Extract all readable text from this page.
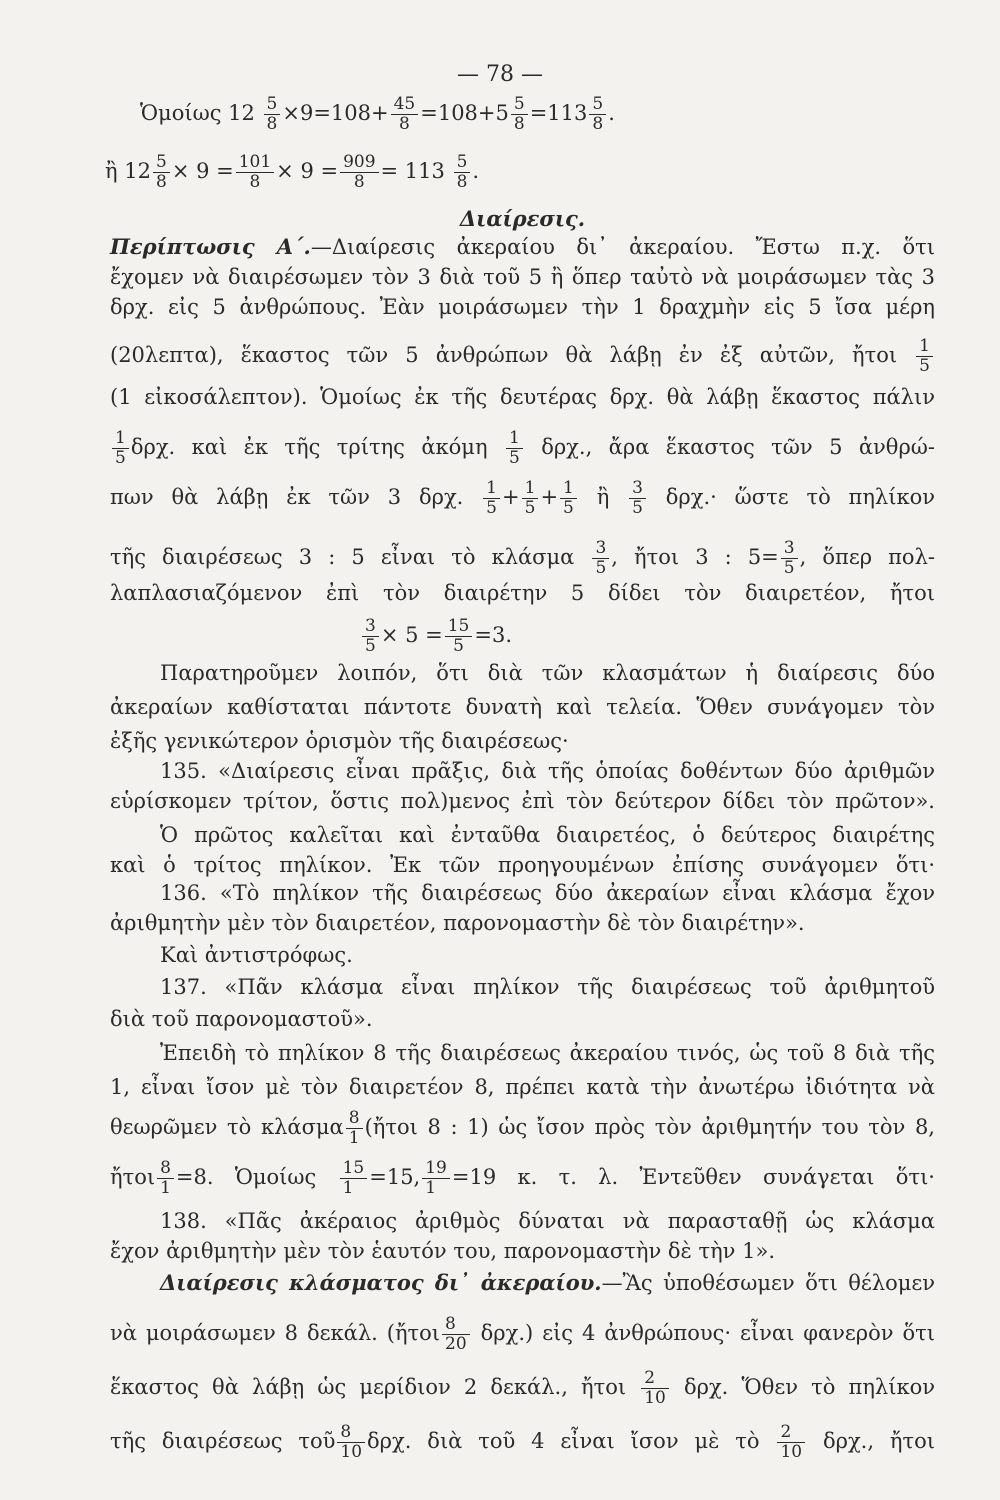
— 78 —
Ὁμοίως $12 \frac{5}{8} \times 9=108+ \frac{45}{8} =108+5 \frac{5}{8} =113 \frac{5}{8}$ .
ἢ $12 \frac{5}{8} \times 9 = \frac{101}{8} \times 9 = \frac{909}{8} = 113 \frac{5}{8}$ .
Διαίρεσις.
Περίπτωσις Α΄.—Διαίρεσις ἀκεραίου δι᾽ ἀκεραίου. Ἔστω π.χ. ὅτι
ἔχομεν νὰ διαιρέσωμεν τὸν 3 διὰ τοῦ 5 ἢ ὅπερ ταὐτὸ νὰ μοιράσωμεν τὰς 3
δρχ. εἰς 5 ἀνθρώπους. Ἐὰν μοιράσωμεν τὴν 1 δραχμὴν εἰς 5 ἴσα μέρη
(20λεπτα), ἕκαστος τῶν 5 ἀνθρώπων θὰ λάβῃ ἐν ἐξ αὐτῶν, ἤτοι $\frac{1}{5}$
(1 εἰκοσάλεπτον). Ὁμοίως ἐκ τῆς δευτέρας δρχ. θὰ λάβῃ ἕκαστος πάλιν
$\frac{1}{5} \delta\rho\chi$. καὶ ἐκ τῆς τρίτης ἀκόμη $\frac{1}{5} \delta\rho\chi$., ἄρα ἕκαστος τῶν 5 ἀνθρώ-
πων θὰ λάβῃ ἐκ τῶν 3 δρχ. $\frac{1}{5} + \frac{1}{5} + \frac{1}{5}$ ἢ $\frac{3}{5} \delta\rho\chi.\cdot$ ὥστε τὸ πηλίκον
τῆς διαιρέσεως 3 : 5 εἶναι τὸ κλάσμα $\frac{3}{5}$ , ἤτοι 3 : $5= \frac{3}{5}$ , ὅπερ πολ-
λαπλασιαζόμενον ἐπὶ τὸν διαιρέτην 5 δίδει τὸν διαιρετέον, ἤτοι
$\frac{3}{5} \times 5 = \frac{15}{5} =3$.
Παρατηροῦμεν λοιπόν, ὅτι διὰ τῶν κλασμάτων ἡ διαίρεσις δύο
ἀκεραίων καθίσταται πάντοτε δυνατὴ καὶ τελεία. Ὅθεν συνάγομεν τὸν
ἐξῆς γενικώτερον ὁρισμὸν τῆς διαιρέσεως·
135. «Διαίρεσις εἶναι πρᾶξις, διὰ τῆς ὁποίας δοθέντων δύο ἀριθμῶν
εὑρίσκομεν τρίτον, ὅστις πολ)μενος ἐπὶ τὸν δεύτερον δίδει τὸν πρῶτον».
Ὁ πρῶτος καλεῖται καὶ ἐνταῦθα διαιρετέος, ὁ δεύτερος διαιρέτης
καὶ ὁ τρίτος πηλίκον. Ἐκ τῶν προηγουμένων ἐπίσης συνάγομεν ὅτι·
136. «Τὸ πηλίκον τῆς διαιρέσεως δύο ἀκεραίων εἶναι κλάσμα ἔχον
ἀριθμητὴν μὲν τὸν διαιρετέον, παρονομαστὴν δὲ τὸν διαιρέτην».
Καὶ ἀντιστρόφως.
137. «Πᾶν κλάσμα εἶναι πηλίκον τῆς διαιρέσεως τοῦ ἀριθμητοῦ
διὰ τοῦ παρονομαστοῦ».
Ἐπειδὴ τὸ πηλίκον 8 τῆς διαιρέσεως ἀκεραίου τινός, ὡς τοῦ 8 διὰ τῆς
1, εἶναι ἴσον μὲ τὸν διαιρετέον 8, πρέπει κατὰ τὴν ἀνωτέρω ἰδιότητα νὰ
θεωρῶμεν τὸ κλάσμα $\frac{8}{1}$ (ἤτοι 8 : 1) ὡς ἴσον πρὸς τὸν ἀριθμητήν του τὸν 8,
ἤτοι $\frac{8}{1} =8$. Ὁμοίως $\frac{15}{1} =15$, $\frac{19}{1} =19$ κ. τ. λ. Ἐντεῦθεν συνάγεται ὅτι·
138. «Πᾶς ἀκέραιος ἀριθμὸς δύναται νὰ παρασταθῇ ὡς κλάσμα
ἔχον ἀριθμητὴν μὲν τὸν ἑαυτόν του, παρονομαστὴν δὲ τὴν 1».
Διαίρεσις κλάσματος δι᾽ ἀκεραίου.—Ἂς ὑποθέσωμεν ὅτι θέλομεν
νὰ μοιράσωμεν 8 δεκάλ. (ἤτοι $\frac{8}{20} \delta\rho\chi$.) εἰς 4 ἀνθρώπους· εἶναι φανερὸν ὅτι
ἕκαστος θὰ λάβῃ ὡς μερίδιον 2 δεκάλ., ἤτοι $\frac{2}{10} \delta\rho\chi$. Ὅθεν τὸ πηλίκον
τῆς διαιρέσεως τοῦ $\frac{8}{10} \delta\rho\chi$. διὰ τοῦ 4 εἶναι ἴσον μὲ τὸ $\frac{2}{10} \delta\rho\chi$., ἤτοι
